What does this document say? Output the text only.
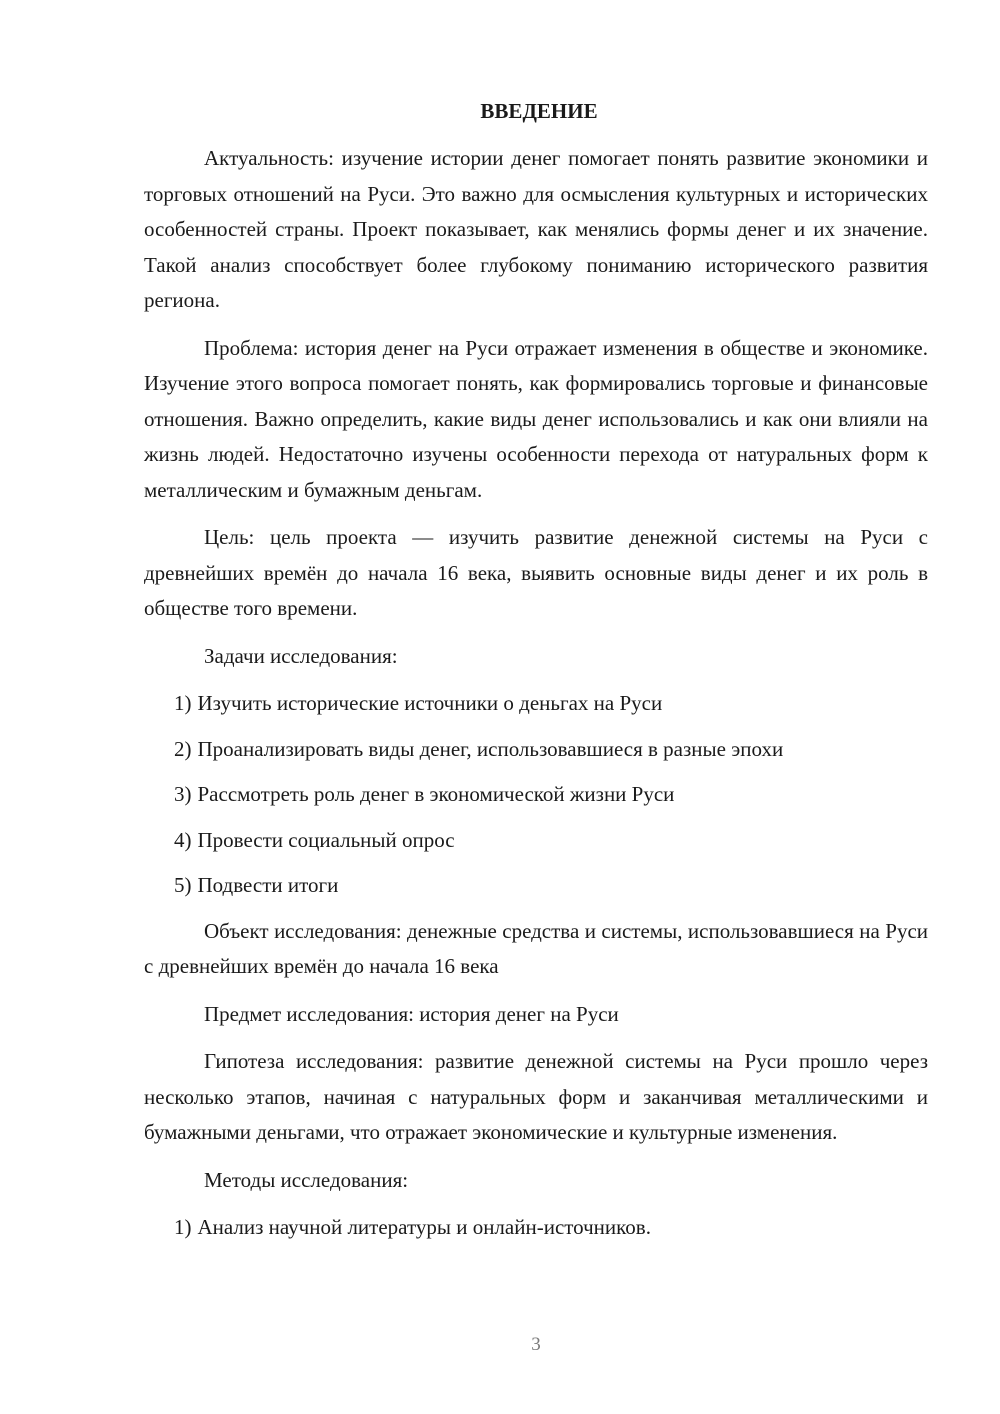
ВВЕДЕНИЕ

Актуальность: изучение истории денег помогает понять развитие экономики и торговых отношений на Руси. Это важно для осмысления культурных и исторических особенностей страны. Проект показывает, как менялись формы денег и их значение. Такой анализ способствует более глубокому пониманию исторического развития региона.

Проблема: история денег на Руси отражает изменения в обществе и экономике. Изучение этого вопроса помогает понять, как формировались торговые и финансовые отношения. Важно определить, какие виды денег использовались и как они влияли на жизнь людей. Недостаточно изучены особенности перехода от натуральных форм к металлическим и бумажным деньгам.

Цель: цель проекта — изучить развитие денежной системы на Руси с древнейших времён до начала 16 века, выявить основные виды денег и их роль в обществе того времени.

Задачи исследования:

1) Изучить исторические источники о деньгах на Руси
2) Проанализировать виды денег, использовавшиеся в разные эпохи
3) Рассмотреть роль денег в экономической жизни Руси
4) Провести социальный опрос
5) Подвести итоги

Объект исследования: денежные средства и системы, использовавшиеся на Руси с древнейших времён до начала 16 века

Предмет исследования: история денег на Руси

Гипотеза исследования: развитие денежной системы на Руси прошло через несколько этапов, начиная с натуральных форм и заканчивая металлическими и бумажными деньгами, что отражает экономические и культурные изменения.

Методы исследования:

1) Анализ научной литературы и онлайн-источников.
3
